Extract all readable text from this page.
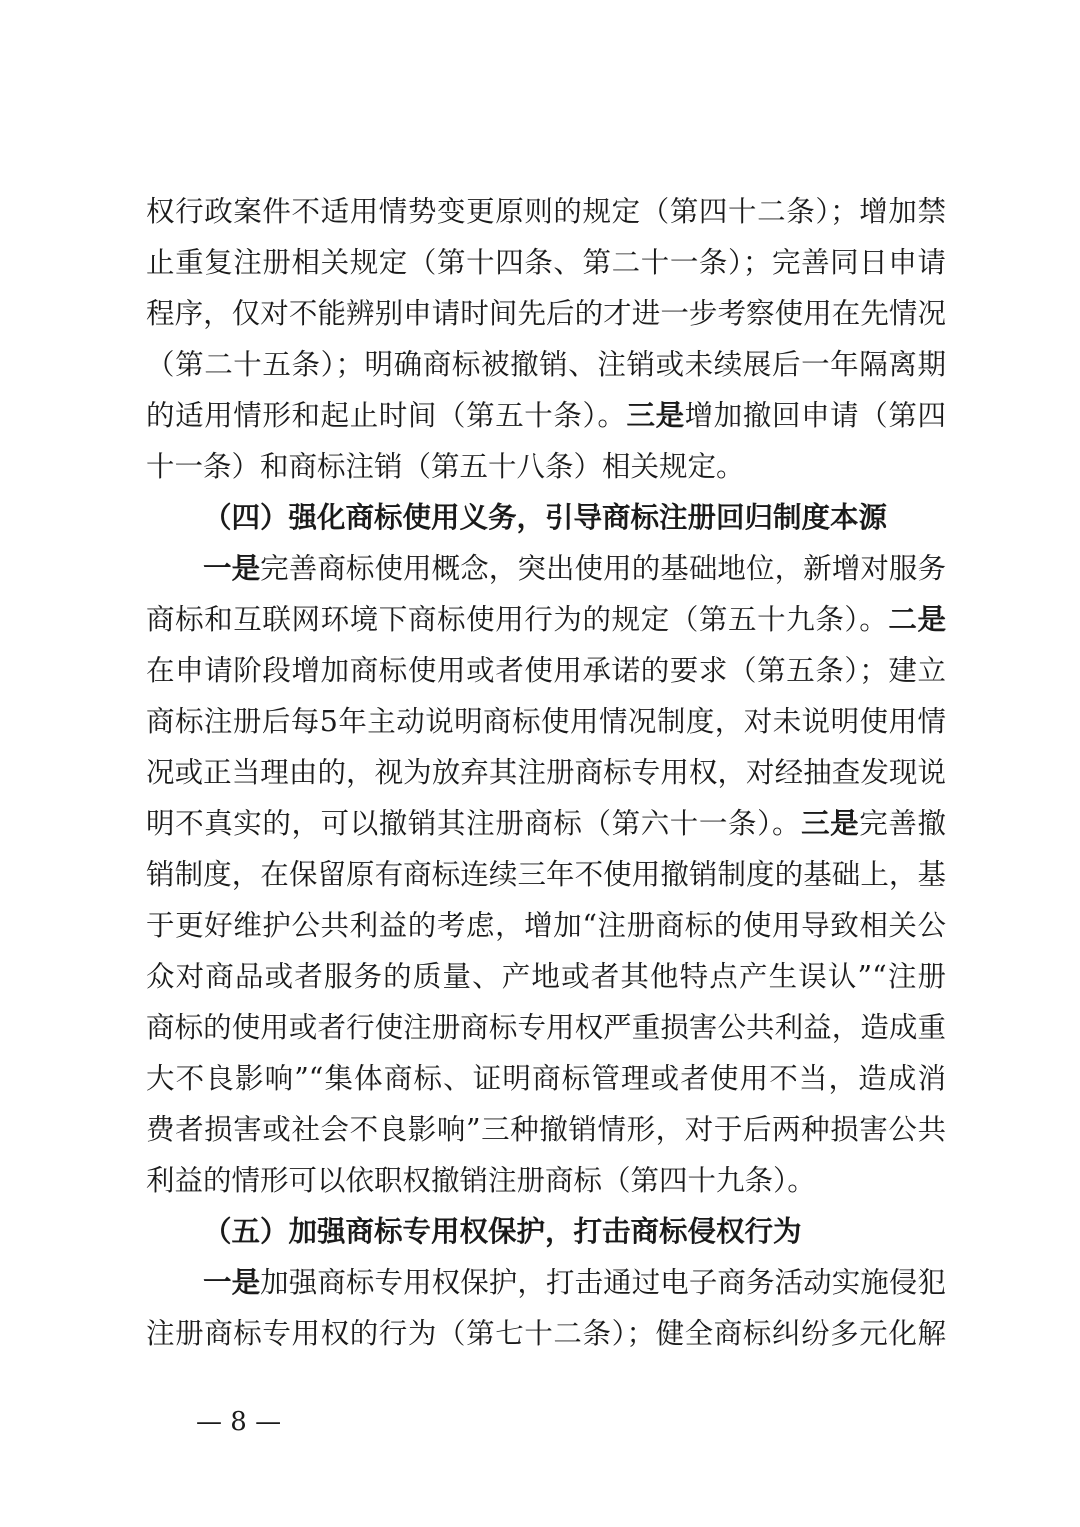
权行政案件不适用情势变更原则的规定（第四十二条）；增加禁
止重复注册相关规定（第十四条、第二十一条）；完善同日申请
程序，仅对不能辨别申请时间先后的才进一步考察使用在先情况
（第二十五条）；明确商标被撤销、注销或未续展后一年隔离期
的适用情形和起止时间（第五十条）。三是增加撤回申请（第四
十一条）和商标注销（第五十八条）相关规定。
（四）强化商标使用义务，引导商标注册回归制度本源
一是完善商标使用概念，突出使用的基础地位，新增对服务
商标和互联网环境下商标使用行为的规定（第五十九条）。二是
在申请阶段增加商标使用或者使用承诺的要求（第五条）；建立
商标注册后每5年主动说明商标使用情况制度，对未说明使用情
况或正当理由的，视为放弃其注册商标专用权，对经抽查发现说
明不真实的，可以撤销其注册商标（第六十一条）。三是完善撤
销制度，在保留原有商标连续三年不使用撤销制度的基础上，基
于更好维护公共利益的考虑，增加“注册商标的使用导致相关公
众对商品或者服务的质量、产地或者其他特点产生误认”“注册
商标的使用或者行使注册商标专用权严重损害公共利益，造成重
大不良影响”“集体商标、证明商标管理或者使用不当，造成消
费者损害或社会不良影响”三种撤销情形，对于后两种损害公共
利益的情形可以依职权撤销注册商标（第四十九条）。
（五）加强商标专用权保护，打击商标侵权行为
一是加强商标专用权保护，打击通过电子商务活动实施侵犯
注册商标专用权的行为（第七十二条）；健全商标纠纷多元化解
— 8 —
